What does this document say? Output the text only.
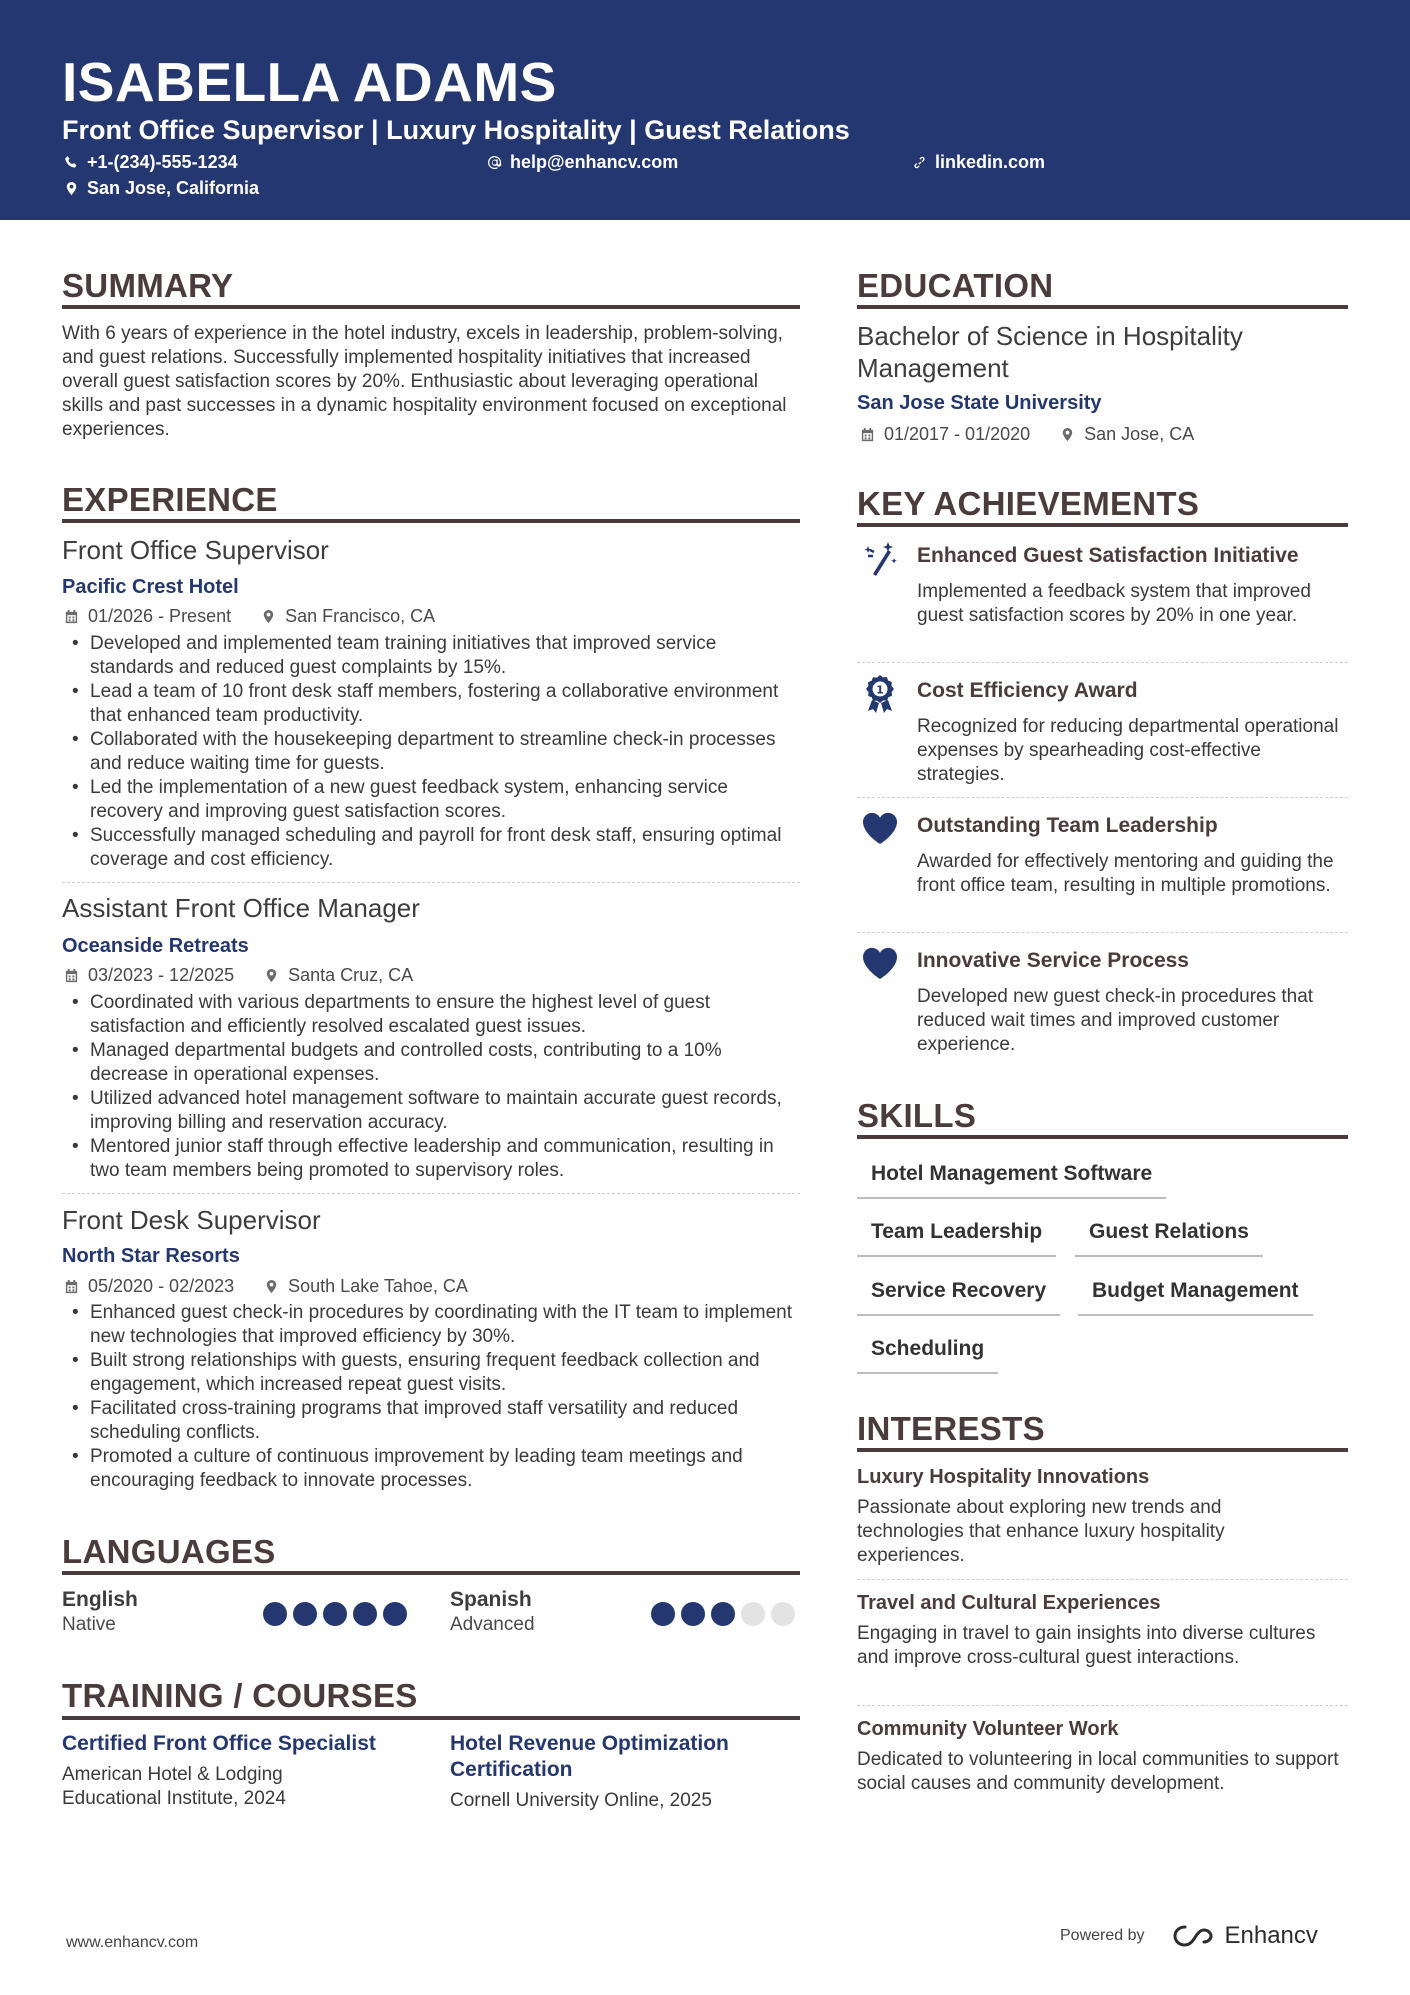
ISABELLA ADAMS
Front Office Supervisor | Luxury Hospitality | Guest Relations
+1-(234)-555-1234	help@enhancv.com	linkedin.com
San Jose, California
SUMMARY
With 6 years of experience in the hotel industry, excels in leadership, problem-solving, and guest relations. Successfully implemented hospitality initiatives that increased overall guest satisfaction scores by 20%. Enthusiastic about leveraging operational skills and past successes in a dynamic hospitality environment focused on exceptional experiences.
EXPERIENCE
Front Office Supervisor
Pacific Crest Hotel
01/2026 - Present	San Francisco, CA
• Developed and implemented team training initiatives that improved service standards and reduced guest complaints by 15%.
• Lead a team of 10 front desk staff members, fostering a collaborative environment that enhanced team productivity.
• Collaborated with the housekeeping department to streamline check-in processes and reduce waiting time for guests.
• Led the implementation of a new guest feedback system, enhancing service recovery and improving guest satisfaction scores.
• Successfully managed scheduling and payroll for front desk staff, ensuring optimal coverage and cost efficiency.
Assistant Front Office Manager
Oceanside Retreats
03/2023 - 12/2025	Santa Cruz, CA
• Coordinated with various departments to ensure the highest level of guest satisfaction and efficiently resolved escalated guest issues.
• Managed departmental budgets and controlled costs, contributing to a 10% decrease in operational expenses.
• Utilized advanced hotel management software to maintain accurate guest records, improving billing and reservation accuracy.
• Mentored junior staff through effective leadership and communication, resulting in two team members being promoted to supervisory roles.
Front Desk Supervisor
North Star Resorts
05/2020 - 02/2023	South Lake Tahoe, CA
• Enhanced guest check-in procedures by coordinating with the IT team to implement new technologies that improved efficiency by 30%.
• Built strong relationships with guests, ensuring frequent feedback collection and engagement, which increased repeat guest visits.
• Facilitated cross-training programs that improved staff versatility and reduced scheduling conflicts.
• Promoted a culture of continuous improvement by leading team meetings and encouraging feedback to innovate processes.
LANGUAGES
English
Native
Spanish
Advanced
TRAINING / COURSES
Certified Front Office Specialist
American Hotel & Lodging Educational Institute, 2024
Hotel Revenue Optimization Certification
Cornell University Online, 2025
EDUCATION
Bachelor of Science in Hospitality Management
San Jose State University
01/2017 - 01/2020	San Jose, CA
KEY ACHIEVEMENTS
Enhanced Guest Satisfaction Initiative
Implemented a feedback system that improved guest satisfaction scores by 20% in one year.
1 Cost Efficiency Award
Recognized for reducing departmental operational expenses by spearheading cost-effective strategies.
Outstanding Team Leadership
Awarded for effectively mentoring and guiding the front office team, resulting in multiple promotions.
Innovative Service Process
Developed new guest check-in procedures that reduced wait times and improved customer experience.
SKILLS
Hotel Management Software
Team Leadership	Guest Relations
Service Recovery	Budget Management
Scheduling
INTERESTS
Luxury Hospitality Innovations
Passionate about exploring new trends and technologies that enhance luxury hospitality experiences.
Travel and Cultural Experiences
Engaging in travel to gain insights into diverse cultures and improve cross-cultural guest interactions.
Community Volunteer Work
Dedicated to volunteering in local communities to support social causes and community development.
www.enhancv.com	Powered by	Enhancv
